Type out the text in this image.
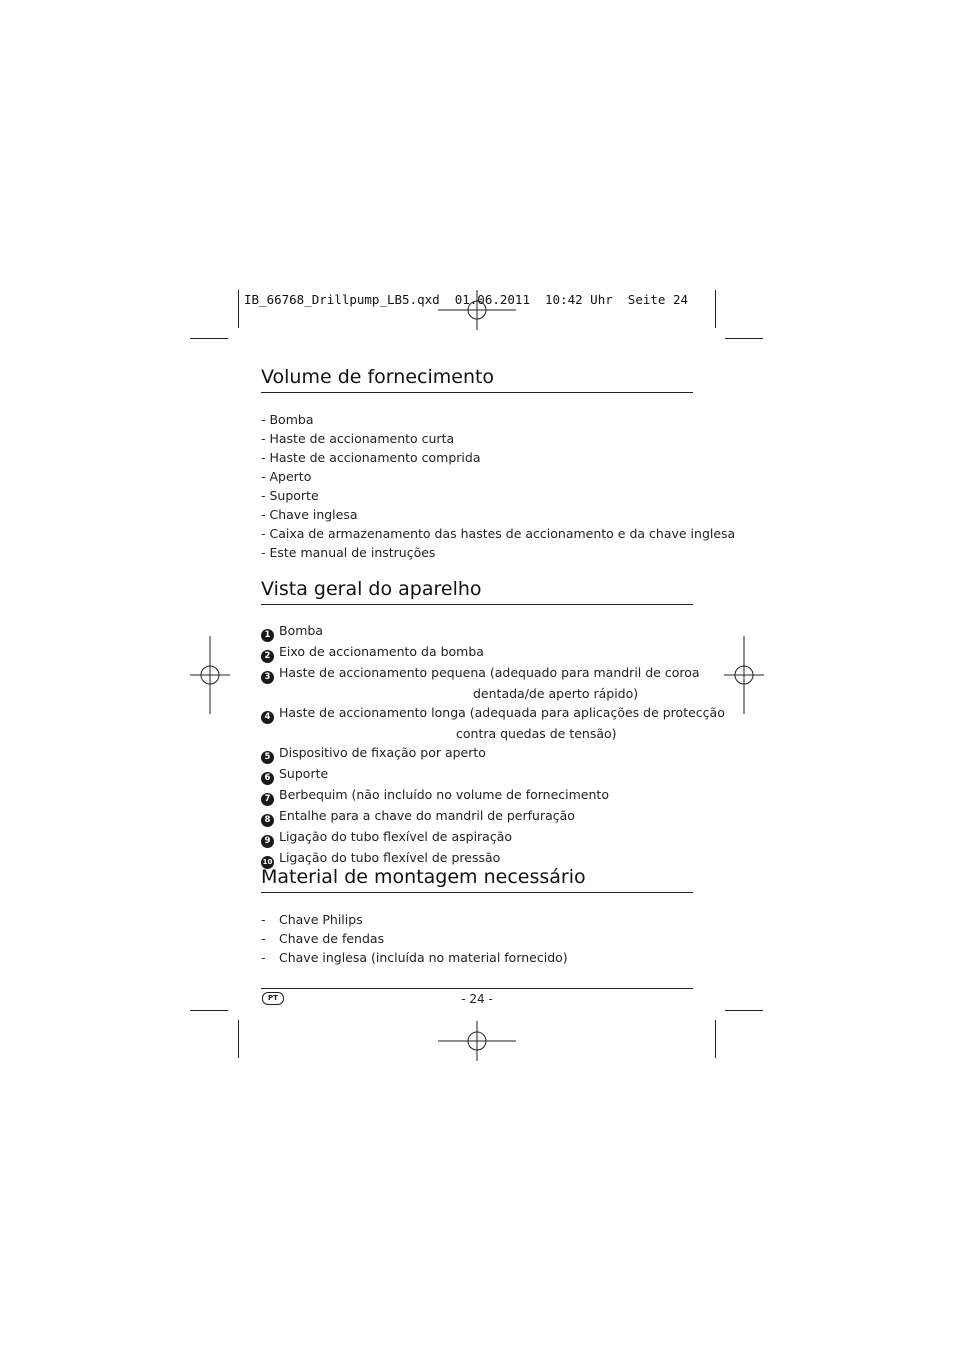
IB_66768_Drillpump_LB5.qxd  01.06.2011  10:42 Uhr  Seite 24
Volume de fornecimento
- Bomba
- Haste de accionamento curta
- Haste de accionamento comprida
- Aperto
- Suporte
- Chave inglesa
- Caixa de armazenamento das hastes de accionamento e da chave inglesa
- Este manual de instruções
Vista geral do aparelho
1 Bomba
2 Eixo de accionamento da bomba
3 Haste de accionamento pequena (adequado para mandril de coroa
dentada/de aperto rápido)
4 Haste de accionamento longa (adequada para aplicações de protecção
contra quedas de tensão)
5 Dispositivo de fixação por aperto
6 Suporte
7 Berbequim (não incluído no volume de fornecimento
8 Entalhe para a chave do mandril de perfuração
9 Ligação do tubo flexível de aspiração
10 Ligação do tubo flexível de pressão
Material de montagem necessário
- Chave Philips
- Chave de fendas
- Chave inglesa (incluída no material fornecido)
PT	- 24 -
